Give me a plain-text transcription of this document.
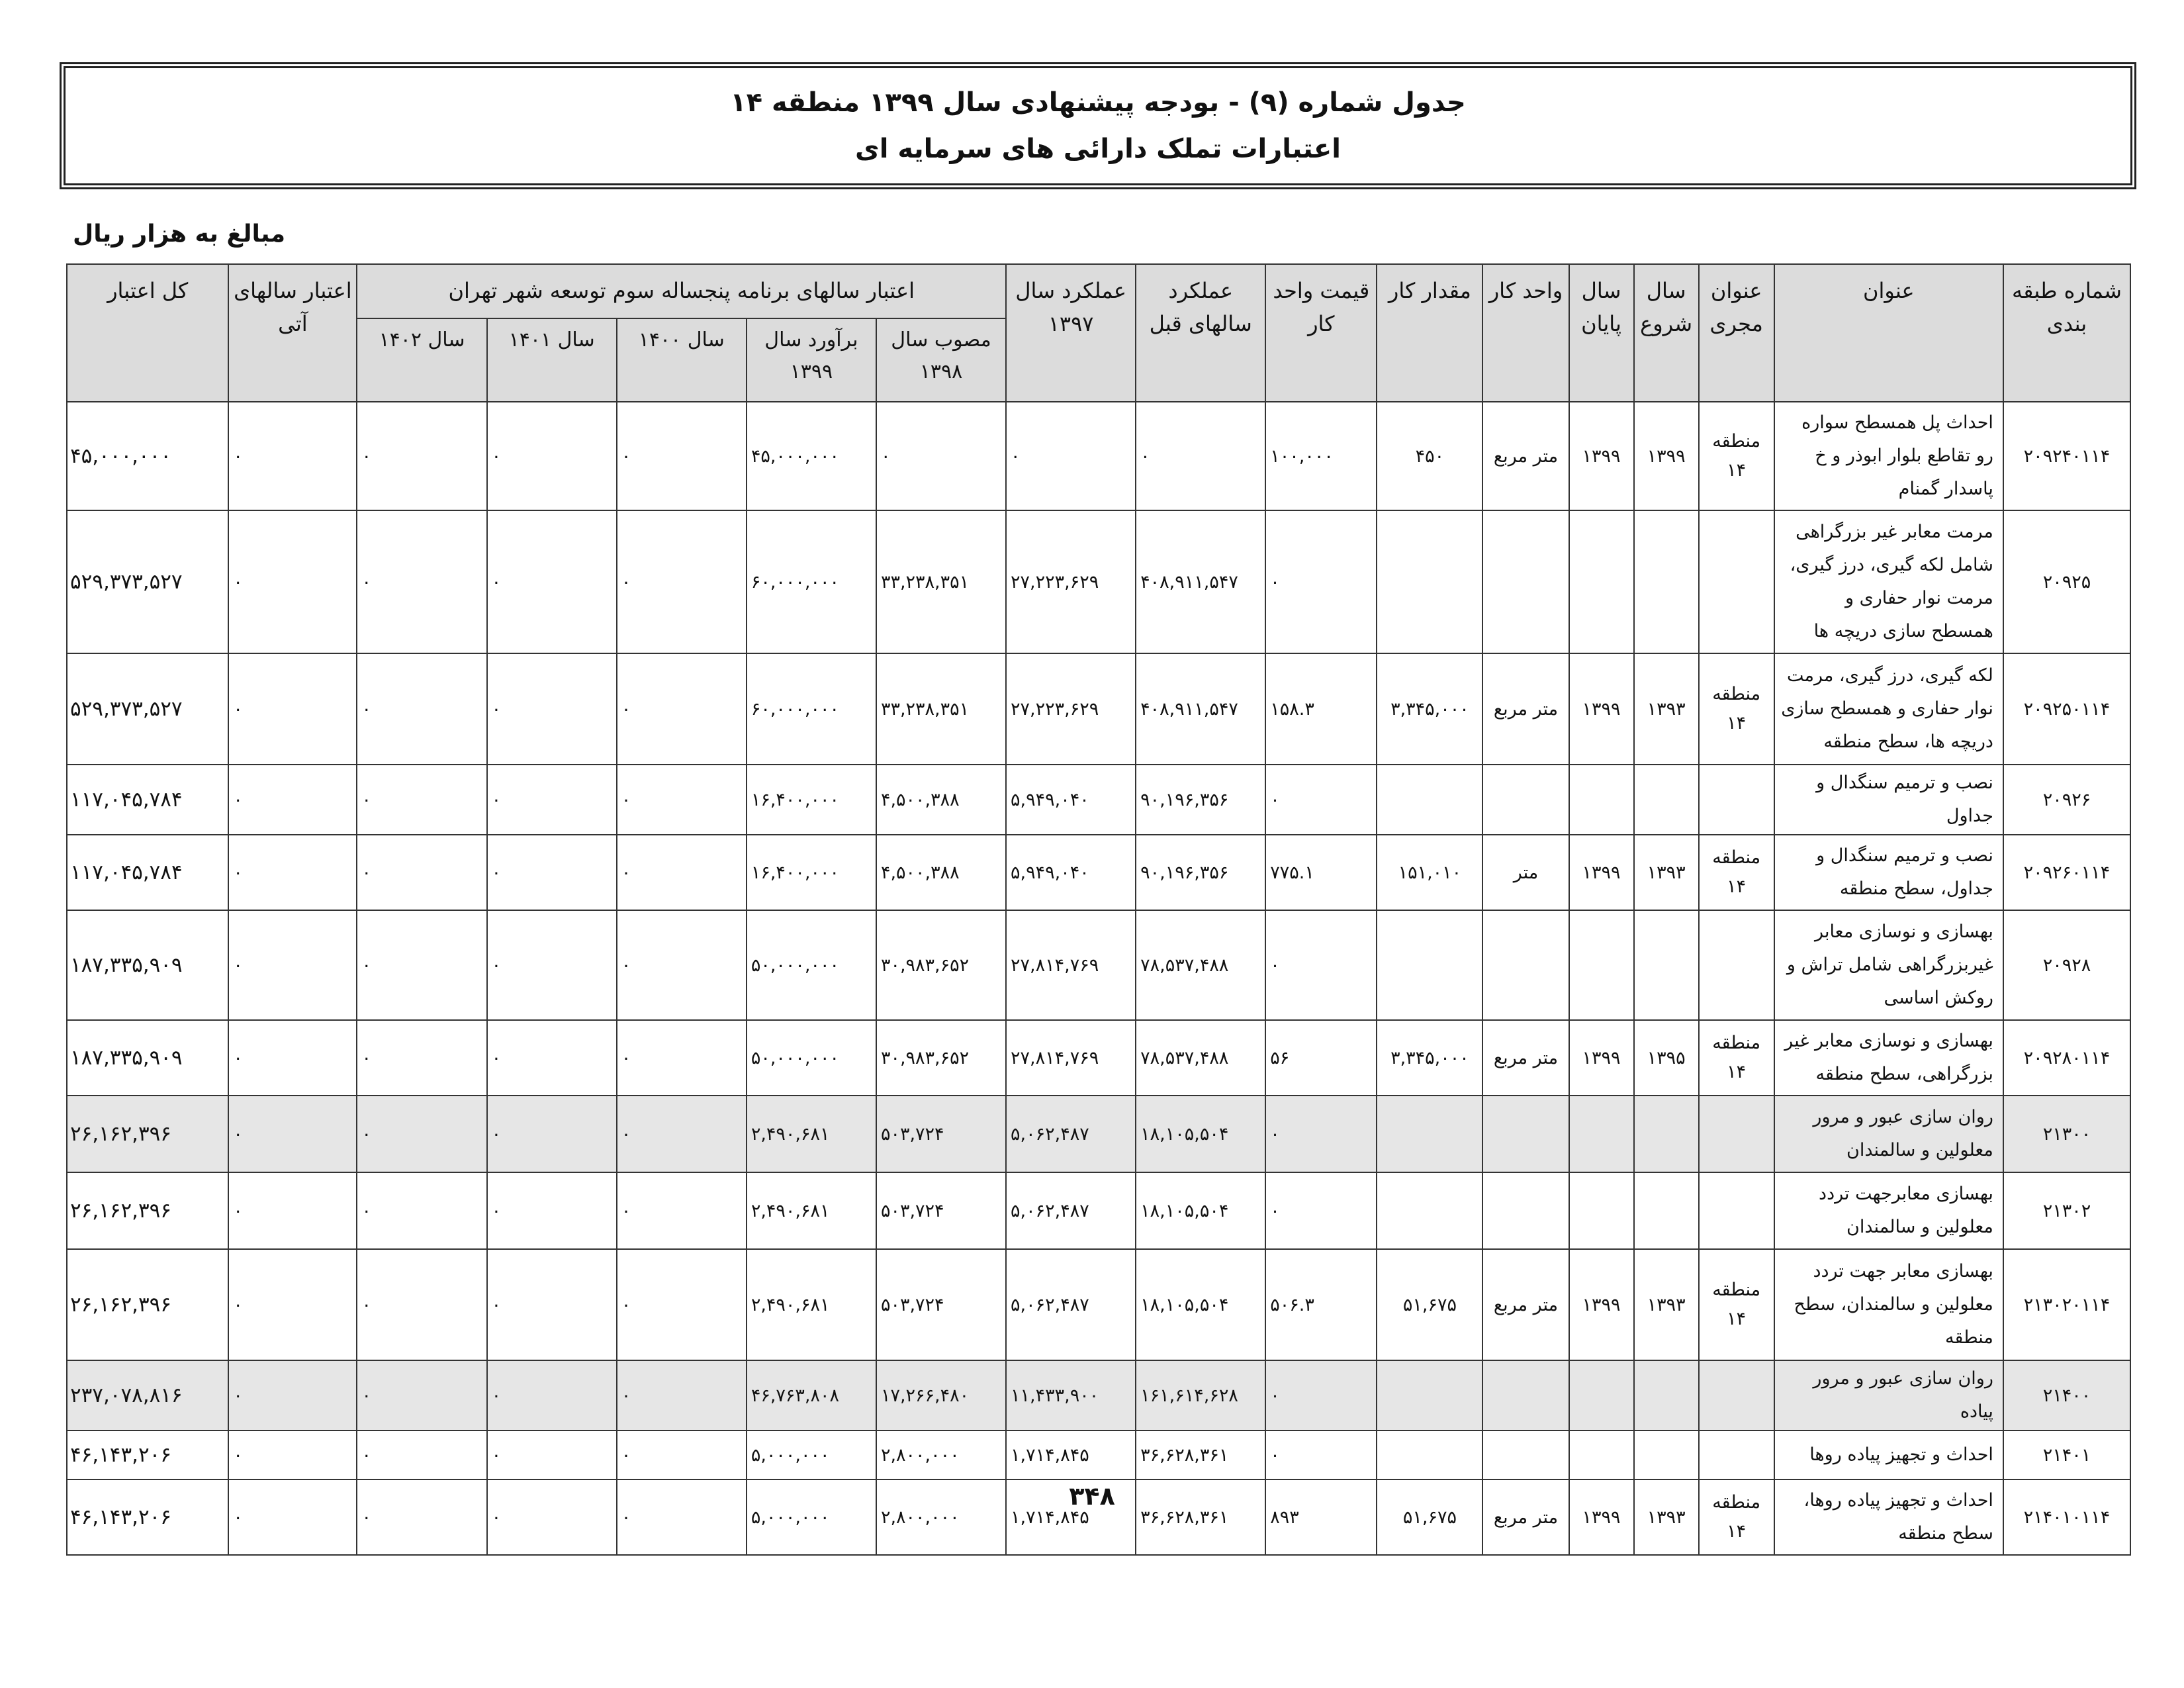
جدول شماره (۹) - بودجه پیشنهادی سال ۱۳۹۹ منطقه ۱۴
اعتبارات تملک دارائی های سرمایه ای
مبالغ به هزار ریال
شماره طبقه بندی	عنوان	عنوان مجری	سال شروع	سال پایان	واحد کار	مقدار کار	قیمت واحد کار	عملکرد سالهای قبل	عملکرد سال ۱۳۹۷	اعتبار سالهای برنامه پنجساله سوم توسعه شهر تهران					اعتبار سالهای آتی	کل اعتبار
										مصوب سال ۱۳۹۸	برآورد سال ۱۳۹۹	سال ۱۴۰۰	سال ۱۴۰۱	سال ۱۴۰۲		
۲۰۹۲۴۰۱۱۴	احداث پل همسطح سواره رو تقاطع بلوار ابوذر و خ پاسدار گمنام	منطقه ۱۴	۱۳۹۹	۱۳۹۹	متر مربع	۴۵۰	۱۰۰,۰۰۰	۰	۰	۰	۴۵,۰۰۰,۰۰۰	۰	۰	۰	۰	۴۵,۰۰۰,۰۰۰
۲۰۹۲۵	مرمت معابر غیر بزرگراهی شامل لکه گیری، درز گیری، مرمت نوار حفاری و همسطح سازی دریچه ها						۰	۴۰۸,۹۱۱,۵۴۷	۲۷,۲۲۳,۶۲۹	۳۳,۲۳۸,۳۵۱	۶۰,۰۰۰,۰۰۰	۰	۰	۰	۰	۵۲۹,۳۷۳,۵۲۷
۲۰۹۲۵۰۱۱۴	لکه گیری، درز گیری، مرمت نوار حفاری و همسطح سازی دریچه ها، سطح منطقه	منطقه ۱۴	۱۳۹۳	۱۳۹۹	متر مربع	۳,۳۴۵,۰۰۰	۱۵۸.۳	۴۰۸,۹۱۱,۵۴۷	۲۷,۲۲۳,۶۲۹	۳۳,۲۳۸,۳۵۱	۶۰,۰۰۰,۰۰۰	۰	۰	۰	۰	۵۲۹,۳۷۳,۵۲۷
۲۰۹۲۶	نصب و ترمیم سنگدال و جداول						۰	۹۰,۱۹۶,۳۵۶	۵,۹۴۹,۰۴۰	۴,۵۰۰,۳۸۸	۱۶,۴۰۰,۰۰۰	۰	۰	۰	۰	۱۱۷,۰۴۵,۷۸۴
۲۰۹۲۶۰۱۱۴	نصب و ترمیم سنگدال و جداول، سطح منطقه	منطقه ۱۴	۱۳۹۳	۱۳۹۹	متر	۱۵۱,۰۱۰	۷۷۵.۱	۹۰,۱۹۶,۳۵۶	۵,۹۴۹,۰۴۰	۴,۵۰۰,۳۸۸	۱۶,۴۰۰,۰۰۰	۰	۰	۰	۰	۱۱۷,۰۴۵,۷۸۴
۲۰۹۲۸	بهسازی و نوسازی معابر غیربزرگراهی شامل تراش و روکش اساسی						۰	۷۸,۵۳۷,۴۸۸	۲۷,۸۱۴,۷۶۹	۳۰,۹۸۳,۶۵۲	۵۰,۰۰۰,۰۰۰	۰	۰	۰	۰	۱۸۷,۳۳۵,۹۰۹
۲۰۹۲۸۰۱۱۴	بهسازی و نوسازی معابر غیر بزرگراهی، سطح منطقه	منطقه ۱۴	۱۳۹۵	۱۳۹۹	متر مربع	۳,۳۴۵,۰۰۰	۵۶	۷۸,۵۳۷,۴۸۸	۲۷,۸۱۴,۷۶۹	۳۰,۹۸۳,۶۵۲	۵۰,۰۰۰,۰۰۰	۰	۰	۰	۰	۱۸۷,۳۳۵,۹۰۹
۲۱۳۰۰	روان سازی عبور و مرور معلولین و سالمندان						۰	۱۸,۱۰۵,۵۰۴	۵,۰۶۲,۴۸۷	۵۰۳,۷۲۴	۲,۴۹۰,۶۸۱	۰	۰	۰	۰	۲۶,۱۶۲,۳۹۶
۲۱۳۰۲	بهسازی معابرجهت تردد معلولین و سالمندان						۰	۱۸,۱۰۵,۵۰۴	۵,۰۶۲,۴۸۷	۵۰۳,۷۲۴	۲,۴۹۰,۶۸۱	۰	۰	۰	۰	۲۶,۱۶۲,۳۹۶
۲۱۳۰۲۰۱۱۴	بهسازی معابر جهت تردد معلولین و سالمندان، سطح منطقه	منطقه ۱۴	۱۳۹۳	۱۳۹۹	متر مربع	۵۱,۶۷۵	۵۰۶.۳	۱۸,۱۰۵,۵۰۴	۵,۰۶۲,۴۸۷	۵۰۳,۷۲۴	۲,۴۹۰,۶۸۱	۰	۰	۰	۰	۲۶,۱۶۲,۳۹۶
۲۱۴۰۰	روان سازی عبور و مرور پیاده						۰	۱۶۱,۶۱۴,۶۲۸	۱۱,۴۳۳,۹۰۰	۱۷,۲۶۶,۴۸۰	۴۶,۷۶۳,۸۰۸	۰	۰	۰	۰	۲۳۷,۰۷۸,۸۱۶
۲۱۴۰۱	احداث و تجهیز پیاده روها						۰	۳۶,۶۲۸,۳۶۱	۱,۷۱۴,۸۴۵	۲,۸۰۰,۰۰۰	۵,۰۰۰,۰۰۰	۰	۰	۰	۰	۴۶,۱۴۳,۲۰۶
۲۱۴۰۱۰۱۱۴	احداث و تجهیز پیاده روها، سطح منطقه	منطقه ۱۴	۱۳۹۳	۱۳۹۹	متر مربع	۵۱,۶۷۵	۸۹۳	۳۶,۶۲۸,۳۶۱	۱,۷۱۴,۸۴۵	۲,۸۰۰,۰۰۰	۵,۰۰۰,۰۰۰	۰	۰	۰	۰	۴۶,۱۴۳,۲۰۶
۳۴۸
